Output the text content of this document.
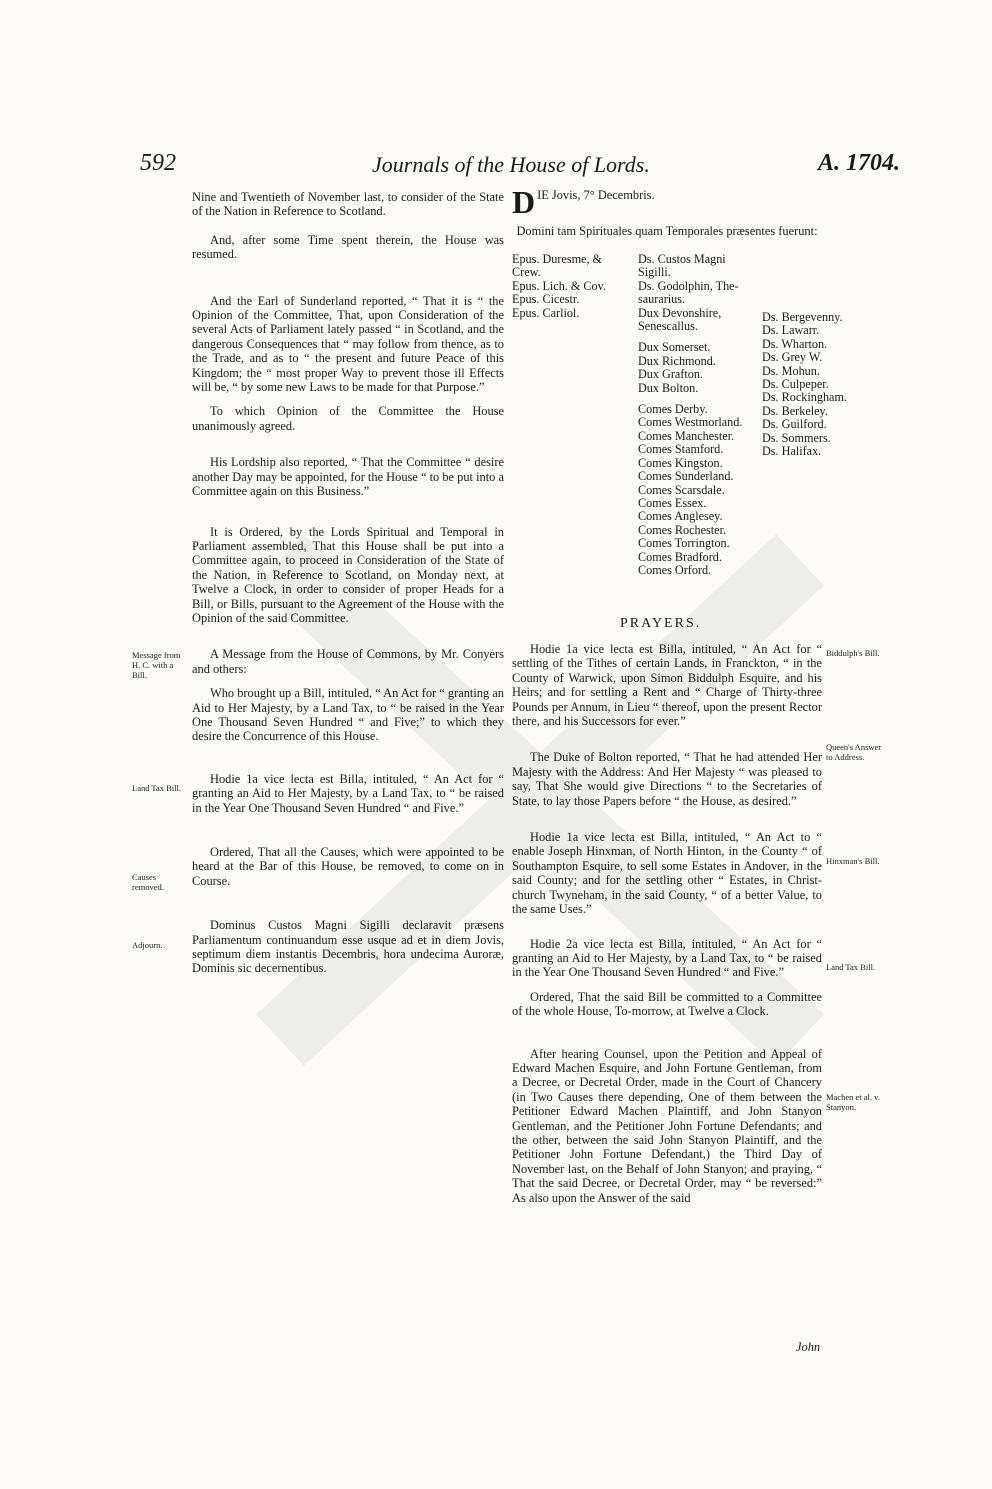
592	Journals of the House of Lords.	A. 1704.

Nine and Twentieth of November last, to consider of the State of the Nation in Reference to Scotland.

And, after some Time spent therein, the House was resumed.

And the Earl of Sunderland reported, “ That it is “ the Opinion of the Committee, That, upon Consideration of the several Acts of Parliament lately passed “ in Scotland, and the dangerous Consequences that “ may follow from thence, as to the Trade, and as to “ the present and future Peace of this Kingdom; the “ most proper Way to prevent those ill Effects will be, “ by some new Laws to be made for that Purpose.”

To which Opinion of the Committee the House unanimously agreed.

His Lordship also reported, “ That the Committee “ desire another Day may be appointed, for the House “ to be put into a Committee again on this Business.”

It is Ordered, by the Lords Spiritual and Temporal in Parliament assembled, That this House shall be put into a Committee again, to proceed in Consideration of the State of the Nation, in Reference to Scotland, on Monday next, at Twelve a Clock, in order to consider of proper Heads for a Bill, or Bills, pursuant to the Agreement of the House with the Opinion of the said Committee.

A Message from the House of Commons, by Mr. Conyers and others:

Who brought up a Bill, intituled, “ An Act for “ granting an Aid to Her Majesty, by a Land Tax, to “ be raised in the Year One Thousand Seven Hundred “ and Five;” to which they desire the Concurrence of this House.

Hodie 1a vice lecta est Billa, intituled, “ An Act for “ granting an Aid to Her Majesty, by a Land Tax, to “ be raised in the Year One Thousand Seven Hundred “ and Five.”

Ordered, That all the Causes, which were appointed to be heard at the Bar of this House, be removed, to come on in Course.

Dominus Custos Magni Sigilli declaravit præsens Parliamentum continuandum esse usque ad et in diem Jovis, septimum diem instantis Decembris, hora undecima Auroræ, Dominis sic decernentibus.

Message from H. C. with a Bill.
Land Tax Bill.
Causes removed.
Adjourn.
D IE Jovis, 7° Decembris.
Domini tam Spirituales quam Temporales præsentes fuerunt:
Epus. Duresme, &
Crew.
Epus. Lich. & Cov.
Epus. Cicestr.
Epus. Carliol.
Ds. Custos Magni
Sigilli.
Ds. Godolphin, The-
saurarius.
Dux Devonshire,
Senescallus.
Dux Somerset.
Dux Richmond.
Dux Grafton.
Dux Bolton.
Comes Derby.
Comes Westmorland.
Comes Manchester.
Comes Stamford.
Comes Kingston.
Comes Sunderland.
Comes Scarsdale.
Comes Essex.
Comes Anglesey.
Comes Rochester.
Comes Torrington.
Comes Bradford.
Comes Orford.
Ds. Bergevenny.
Ds. Lawarr.
Ds. Wharton.
Ds. Grey W.
Ds. Mohun.
Ds. Culpeper.
Ds. Rockingham.
Ds. Berkeley.
Ds. Guilford.
Ds. Sommers.
Ds. Halifax.
PRAYERS.

Hodie 1a vice lecta est Billa, intituled, “ An Act for “ settling of the Tithes of certain Lands, in Franckton, “ in the County of Warwick, upon Simon Biddulph Esquire, and his Heirs; and for settling a Rent and “ Charge of Thirty-three Pounds per Annum, in Lieu “ thereof, upon the present Rector there, and his Successors for ever.”

The Duke of Bolton reported, “ That he had attended Her Majesty with the Address: And Her Majesty “ was pleased to say, That She would give Directions “ to the Secretaries of State, to lay those Papers before “ the House, as desired.”

Hodie 1a vice lecta est Billa, intituled, “ An Act to “ enable Joseph Hinxman, of North Hinton, in the County “ of Southampton Esquire, to sell some Estates in Andover, in the said County; and for the settling other “ Estates, in Christ-church Twyneham, in the said County, “ of a better Value, to the same Uses.”

Hodie 2a vice lecta est Billa, intituled, “ An Act for “ granting an Aid to Her Majesty, by a Land Tax, to “ be raised in the Year One Thousand Seven Hundred “ and Five.”

Ordered, That the said Bill be committed to a Committee of the whole House, To-morrow, at Twelve a Clock.

After hearing Counsel, upon the Petition and Appeal of Edward Machen Esquire, and John Fortune Gentleman, from a Decree, or Decretal Order, made in the Court of Chancery (in Two Causes there depending, One of them between the Petitioner Edward Machen Plaintiff, and John Stanyon Gentleman, and the Petitioner John Fortune Defendants; and the other, between the said John Stanyon Plaintiff, and the Petitioner John Fortune Defendant,) the Third Day of November last, on the Behalf of John Stanyon; and praying, “ That the said Decree, or Decretal Order, may “ be reversed:” As also upon the Answer of the said

John
Biddulph's Bill.
Queen's Answer to Address.
Hinxman's Bill.
Land Tax Bill.
Machen et al. v. Stanyon.
